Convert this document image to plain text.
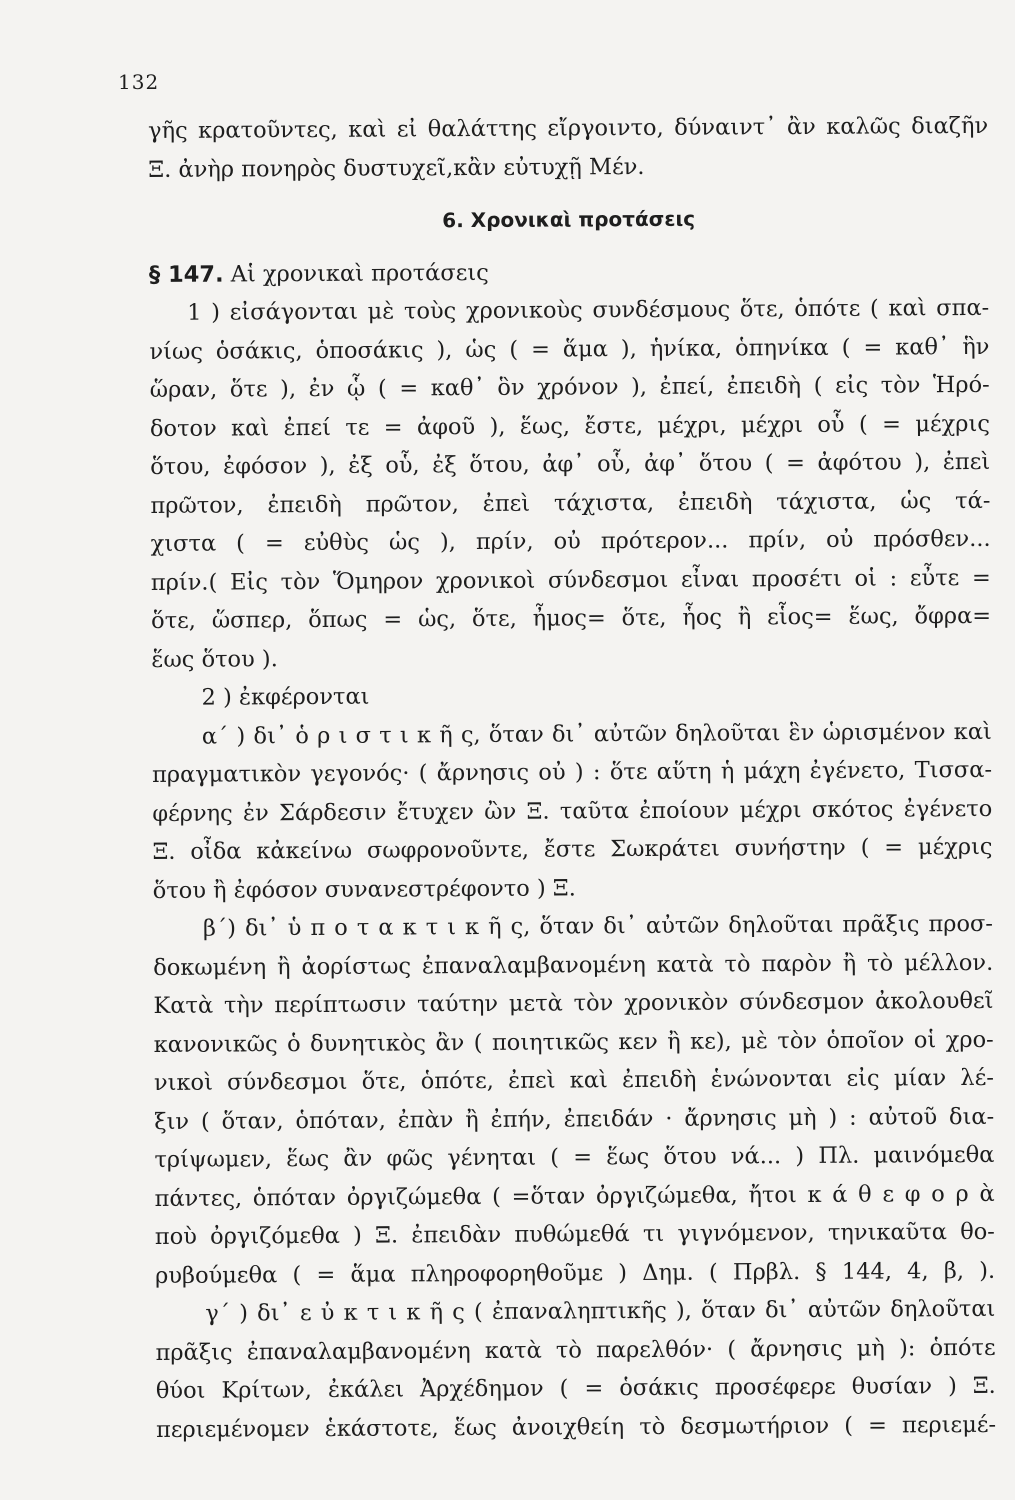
132
γῆς κρατοῦντες, καὶ εἰ θαλάττης εἴργοιντο, δύναιντ᾽ ἂν καλῶς διαζῆν
Ξ. ἀνὴρ πονηρὸς δυστυχεῖ,κἂν εὐτυχῇ Μέν.
6. Χρονικαὶ προτάσεις
§ 147. Αἱ χρονικαὶ προτάσεις
1 ) εἰσάγονται μὲ τοὺς χρονικοὺς συνδέσμους ὅτε, ὁπότε ( καὶ σπα-
νίως ὁσάκις, ὁποσάκις ), ὡς ( = ἅμα ), ἡνίκα, ὁπηνίκα ( = καθ᾽ ἣν
ὥραν, ὅτε ), ἐν ᾧ ( = καθ᾽ ὃν χρόνον ), ἐπεί, ἐπειδὴ ( εἰς τὸν Ἡρό-
δοτον καὶ ἐπεί τε = ἀφοῦ ), ἕως, ἔστε, μέχρι, μέχρι οὗ ( = μέχρις
ὅτου, ἐφόσον ), ἐξ οὗ, ἐξ ὅτου, ἀφ᾽ οὗ, ἀφ᾽ ὅτου ( = ἀφότου ), ἐπεὶ
πρῶτον, ἐπειδὴ πρῶτον, ἐπεὶ τάχιστα, ἐπειδὴ τάχιστα, ὡς τά-
χιστα ( = εὐθὺς ὡς ), πρίν, οὐ πρότερον... πρίν, οὐ πρόσθεν...
πρίν.( Εἰς τὸν Ὅμηρον χρονικοὶ σύνδεσμοι εἶναι προσέτι οἱ : εὖτε =
ὅτε, ὥσπερ, ὅπως = ὡς, ὅτε, ἦμος= ὅτε, ἧος ἢ εἷος= ἕως, ὄφρα=
ἕως ὅτου ).
2 ) ἐκφέρονται
α´ ) δι᾽ ὁ ρ ι σ τ ι κ ῆ ς, ὅταν δι᾽ αὐτῶν δηλοῦται ἓν ὡρισμένον καὶ
πραγματικὸν γεγονός· ( ἄρνησις οὐ ) : ὅτε αὕτη ἡ μάχη ἐγένετο, Τισσα-
φέρνης ἐν Σάρδεσιν ἔτυχεν ὢν Ξ. ταῦτα ἐποίουν μέχρι σκότος ἐγένετο
Ξ. οἶδα κἀκείνω σωφρονοῦντε, ἔστε Σωκράτει συνήστην ( = μέχρις
ὅτου ἢ ἐφόσον συνανεστρέφοντο ) Ξ.
β´) δι᾽ ὑ π ο τ α κ τ ι κ ῆ ς, ὅταν δι᾽ αὐτῶν δηλοῦται πρᾶξις προσ-
δοκωμένη ἢ ἀορίστως ἐπαναλαμβανομένη κατὰ τὸ παρὸν ἢ τὸ μέλλον.
Κατὰ τὴν περίπτωσιν ταύτην μετὰ τὸν χρονικὸν σύνδεσμον ἀκολουθεῖ
κανονικῶς ὁ δυνητικὸς ἂν ( ποιητικῶς κεν ἢ κε), μὲ τὸν ὁποῖον οἱ χρο-
νικοὶ σύνδεσμοι ὅτε, ὁπότε, ἐπεὶ καὶ ἐπειδὴ ἑνώνονται εἰς μίαν λέ-
ξιν ( ὅταν, ὁπόταν, ἐπὰν ἢ ἐπήν, ἐπειδάν · ἄρνησις μὴ ) : αὐτοῦ δια-
τρίψωμεν, ἕως ἂν φῶς γένηται ( = ἕως ὅτου νά... ) Πλ. μαινόμεθα
πάντες, ὁπόταν ὀργιζώμεθα ( =ὅταν ὀργιζώμεθα, ἤτοι κ ά θ ε φ ο ρ ὰ
ποὺ ὀργιζόμεθα ) Ξ. ἐπειδὰν πυθώμεθά τι γιγνόμενον, τηνικαῦτα θο-
ρυβούμεθα ( = ἅμα πληροφορηθοῦμε ) Δημ. ( Πρβλ. § 144, 4, β, ).
γ´ ) δι᾽ ε ὐ κ τ ι κ ῆ ς ( ἐπαναληπτικῆς ), ὅταν δι᾽ αὐτῶν δηλοῦται
πρᾶξις ἐπαναλαμβανομένη κατὰ τὸ παρελθόν· ( ἄρνησις μὴ ): ὁπότε
θύοι Κρίτων, ἐκάλει Ἀρχέδημον ( = ὁσάκις προσέφερε θυσίαν ) Ξ.
περιεμένομεν ἑκάστοτε, ἕως ἀνοιχθείη τὸ δεσμωτήριον ( = περιεμέ-
